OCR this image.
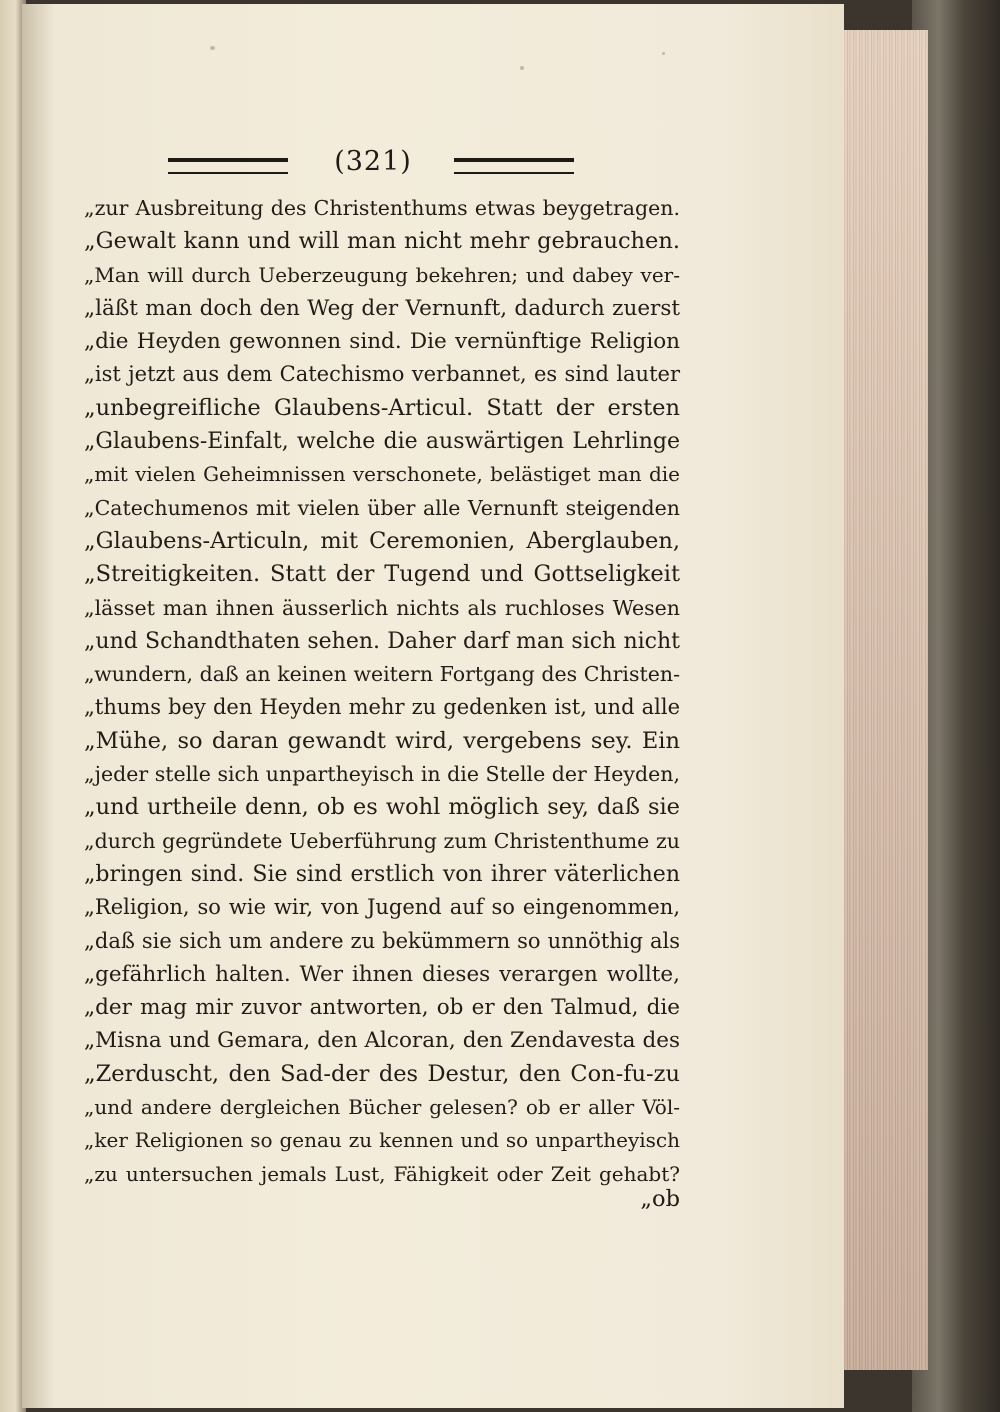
(321)
„zur Ausbreitung des Christenthums etwas beygetragen.
„Gewalt kann und will man nicht mehr gebrauchen.
„Man will durch Ueberzeugung bekehren; und dabey ver-
„läßt man doch den Weg der Vernunft, dadurch zuerst
„die Heyden gewonnen sind. Die vernünftige Religion
„ist jetzt aus dem Catechismo verbannet, es sind lauter
„unbegreifliche Glaubens-Articul. Statt der ersten
„Glaubens-Einfalt, welche die auswärtigen Lehrlinge
„mit vielen Geheimnissen verschonete, belästiget man die
„Catechumenos mit vielen über alle Vernunft steigenden
„Glaubens-Articuln, mit Ceremonien, Aberglauben,
„Streitigkeiten. Statt der Tugend und Gottseligkeit
„lässet man ihnen äusserlich nichts als ruchloses Wesen
„und Schandthaten sehen. Daher darf man sich nicht
„wundern, daß an keinen weitern Fortgang des Christen-
„thums bey den Heyden mehr zu gedenken ist, und alle
„Mühe, so daran gewandt wird, vergebens sey. Ein
„jeder stelle sich unpartheyisch in die Stelle der Heyden,
„und urtheile denn, ob es wohl möglich sey, daß sie
„durch gegründete Ueberführung zum Christenthume zu
„bringen sind. Sie sind erstlich von ihrer väterlichen
„Religion, so wie wir, von Jugend auf so eingenommen,
„daß sie sich um andere zu bekümmern so unnöthig als
„gefährlich halten. Wer ihnen dieses verargen wollte,
„der mag mir zuvor antworten, ob er den Talmud, die
„Misna und Gemara, den Alcoran, den Zendavesta des
„Zerduscht, den Sad-der des Destur, den Con-fu-zu
„und andere dergleichen Bücher gelesen? ob er aller Völ-
„ker Religionen so genau zu kennen und so unpartheyisch
„zu untersuchen jemals Lust, Fähigkeit oder Zeit gehabt?
„ob
